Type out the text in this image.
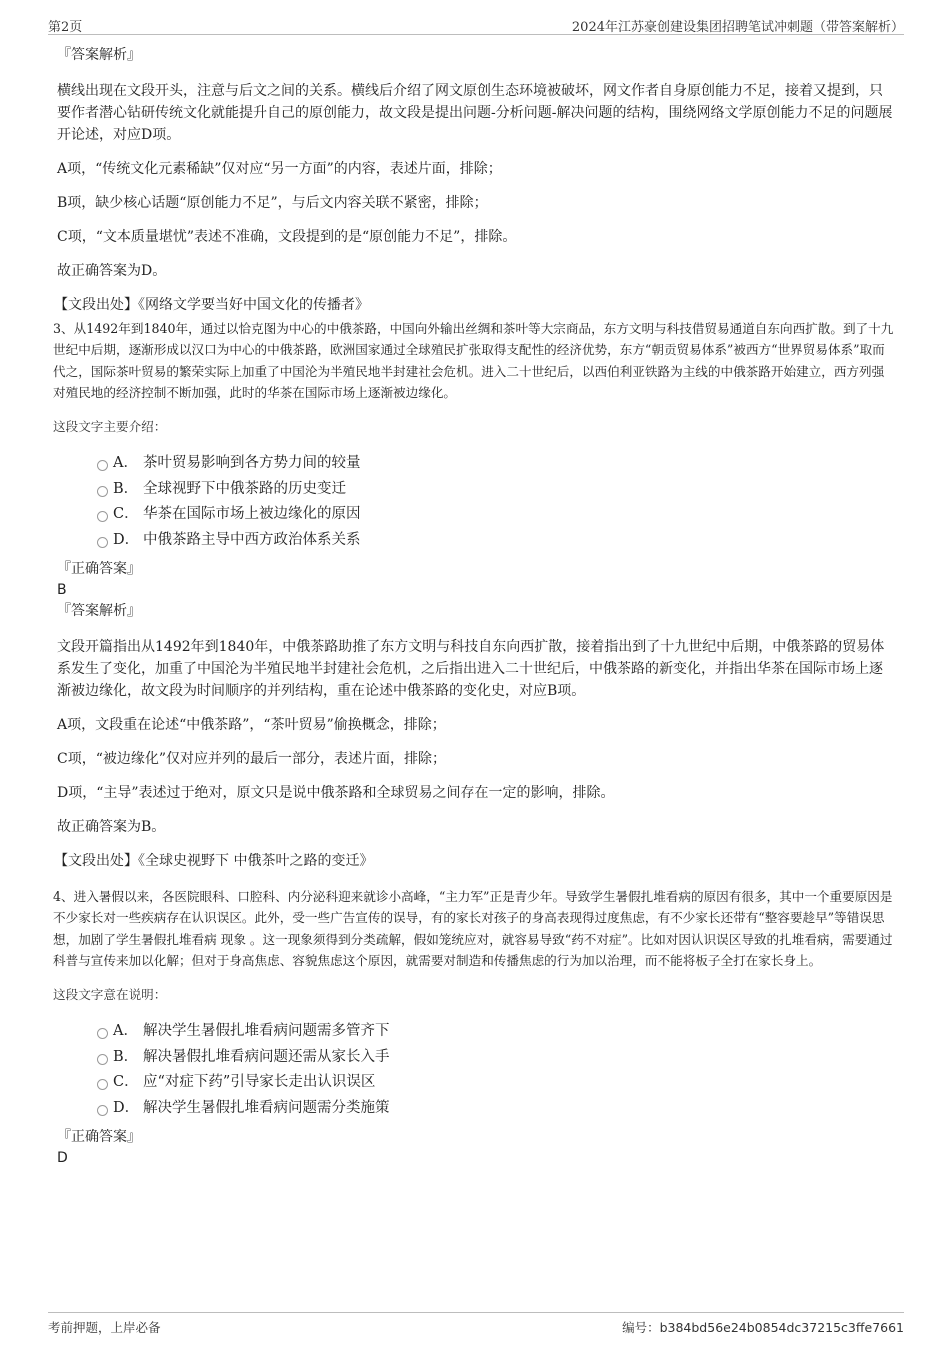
第2页	2024年江苏豪创建设集团招聘笔试冲刺题（带答案解析）

『答案解析』

横线出现在文段开头，注意与后文之间的关系。横线后介绍了网文原创生态环境被破坏，网文作者自身原创能力不足，接着又提到，只要作者潜心钻研传统文化就能提升自己的原创能力，故文段是提出问题-分析问题-解决问题的结构，围绕网络文学原创能力不足的问题展开论述，对应D项。

A项，“传统文化元素稀缺”仅对应“另一方面”的内容，表述片面，排除；

B项，缺少核心话题“原创能力不足”，与后文内容关联不紧密，排除；

C项，“文本质量堪忧”表述不准确，文段提到的是“原创能力不足”，排除。

故正确答案为D。

【文段出处】《网络文学要当好中国文化的传播者》

3、从1492年到1840年，通过以恰克图为中心的中俄茶路，中国向外输出丝绸和茶叶等大宗商品，东方文明与科技借贸易通道自东向西扩散。到了十九世纪中后期，逐渐形成以汉口为中心的中俄茶路，欧洲国家通过全球殖民扩张取得支配性的经济优势，东方“朝贡贸易体系”被西方“世界贸易体系”取而代之，国际茶叶贸易的繁荣实际上加重了中国沦为半殖民地半封建社会危机。进入二十世纪后，以西伯利亚铁路为主线的中俄茶路开始建立，西方列强对殖民地的经济控制不断加强，此时的华茶在国际市场上逐渐被边缘化。

这段文字主要介绍：

A． 茶叶贸易影响到各方势力间的较量
B． 全球视野下中俄茶路的历史变迁
C． 华茶在国际市场上被边缘化的原因
D． 中俄茶路主导中西方政治体系关系

『正确答案』

B

『答案解析』

文段开篇指出从1492年到1840年，中俄茶路助推了东方文明与科技自东向西扩散，接着指出到了十九世纪中后期，中俄茶路的贸易体系发生了变化，加重了中国沦为半殖民地半封建社会危机，之后指出进入二十世纪后，中俄茶路的新变化，并指出华茶在国际市场上逐渐被边缘化，故文段为时间顺序的并列结构，重在论述中俄茶路的变化史，对应B项。

A项，文段重在论述“中俄茶路”，“茶叶贸易”偷换概念，排除；

C项，“被边缘化”仅对应并列的最后一部分，表述片面，排除；

D项，“主导”表述过于绝对，原文只是说中俄茶路和全球贸易之间存在一定的影响，排除。

故正确答案为B。

【文段出处】《全球史视野下 中俄茶叶之路的变迁》

4、进入暑假以来，各医院眼科、口腔科、内分泌科迎来就诊小高峰，“主力军”正是青少年。导致学生暑假扎堆看病的原因有很多，其中一个重要原因是不少家长对一些疾病存在认识误区。此外，受一些广告宣传的误导，有的家长对孩子的身高表现得过度焦虑，有不少家长还带有“整容要趁早”等错误思想，加剧了学生暑假扎堆看病 现象 。这一现象须得到分类疏解，假如笼统应对，就容易导致“药不对症”。比如对因认识误区导致的扎堆看病，需要通过科普与宣传来加以化解；但对于身高焦虑、容貌焦虑这个原因，就需要对制造和传播焦虑的行为加以治理，而不能将板子全打在家长身上。

这段文字意在说明：

A． 解决学生暑假扎堆看病问题需多管齐下
B． 解决暑假扎堆看病问题还需从家长入手
C． 应“对症下药”引导家长走出认识误区
D． 解决学生暑假扎堆看病问题需分类施策

『正确答案』

D

考前押题，上岸必备	编号：b384bd56e24b0854dc37215c3ffe7661
